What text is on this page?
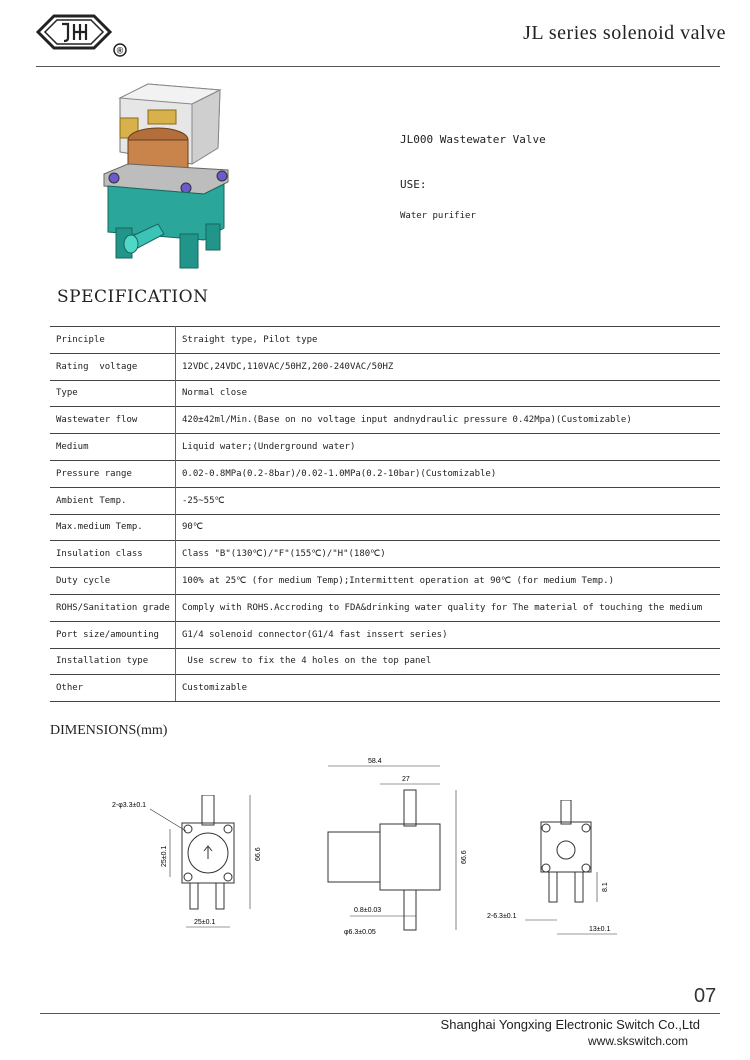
®
JL series solenoid valve
JL000 Wastewater Valve
USE:
Water purifier
SPECIFICATION
Principle	Straight type, Pilot type
Rating  voltage	12VDC,24VDC,110VAC/50HZ,200-240VAC/50HZ
Type	Normal close
Wastewater flow	420±42ml/Min.(Base on no voltage input andnydraulic pressure 0.42Mpa)(Customizable)
Medium	Liquid water;(Underground water)
Pressure range	0.02-0.8MPa(0.2-8bar)/0.02-1.0MPa(0.2-10bar)(Customizable)
Ambient Temp.	-25~55℃
Max.medium Temp.	90℃
Insulation class	Class "B"(130℃)/"F"(155℃)/"H"(180℃)
Duty cycle	100% at 25℃ (for medium Temp);Intermittent operation at 90℃ (for medium Temp.)
ROHS/Sanitation grade	Comply with ROHS.Accroding to FDA&drinking water quality for The material of touching the medium
Port size/amounting	G1/4 solenoid connector(G1/4 fast inssert series)
Installation type	Use screw to fix the 4 holes on the top panel
Other	Customizable
DIMENSIONS(mm)
2-φ3.3±0.1
25±0.1	66.6
25±0.1
58.4
27
66.6
0.8±0.03
φ6.3±0.05
8.1
2-6.3±0.1
13±0.1
07
Shanghai Yongxing Electronic Switch Co.,Ltd
www.skswitch.com
